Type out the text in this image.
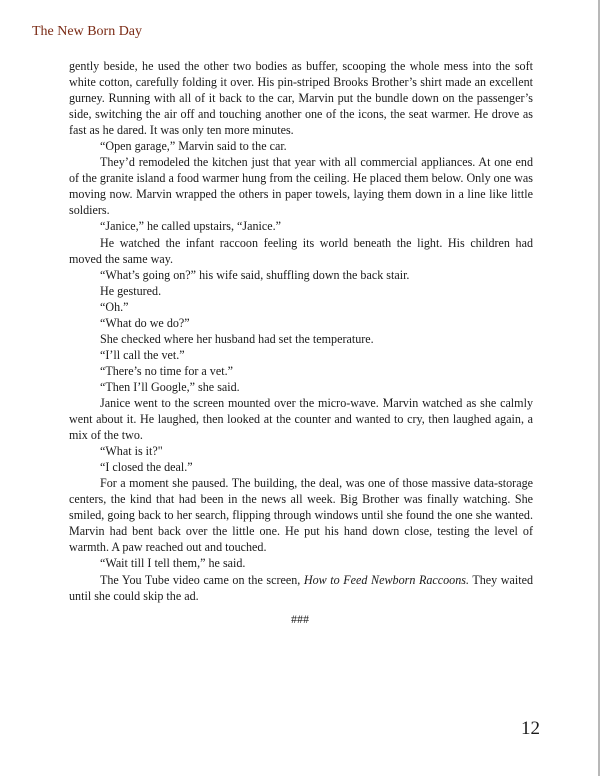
The New Born Day

gently beside, he used the other two bodies as buffer, scooping the whole mess into the soft white cotton, carefully folding it over. His pin-striped Brooks Brother’s shirt made an excellent gurney. Running with all of it back to the car, Marvin put the bundle down on the passenger’s side, switching the air off and touching another one of the icons, the seat warmer. He drove as fast as he dared. It was only ten more minutes.

“Open garage,” Marvin said to the car.

They’d remodeled the kitchen just that year with all commercial appliances. At one end of the granite island a food warmer hung from the ceiling. He placed them below. Only one was moving now. Marvin wrapped the others in paper towels, laying them down in a line like little soldiers.

“Janice,” he called upstairs, “Janice.”

He watched the infant raccoon feeling its world beneath the light. His children had moved the same way.

“What’s going on?” his wife said, shuffling down the back stair.

He gestured.

“Oh.”

“What do we do?”

She checked where her husband had set the temperature.

“I’ll call the vet.”

“There’s no time for a vet.”

“Then I’ll Google,” she said.

Janice went to the screen mounted over the micro-wave. Marvin watched as she calmly went about it. He laughed, then looked at the counter and wanted to cry, then laughed again, a mix of the two.

“What is it?"

“I closed the deal.”

For a moment she paused. The building, the deal, was one of those massive data-storage centers, the kind that had been in the news all week. Big Brother was finally watching. She smiled, going back to her search, flipping through windows until she found the one she wanted. Marvin had bent back over the little one. He put his hand down close, testing the level of warmth. A paw reached out and touched.

“Wait till I tell them,” he said.

The You Tube video came on the screen, How to Feed Newborn Raccoons. They waited until she could skip the ad.

###
12
